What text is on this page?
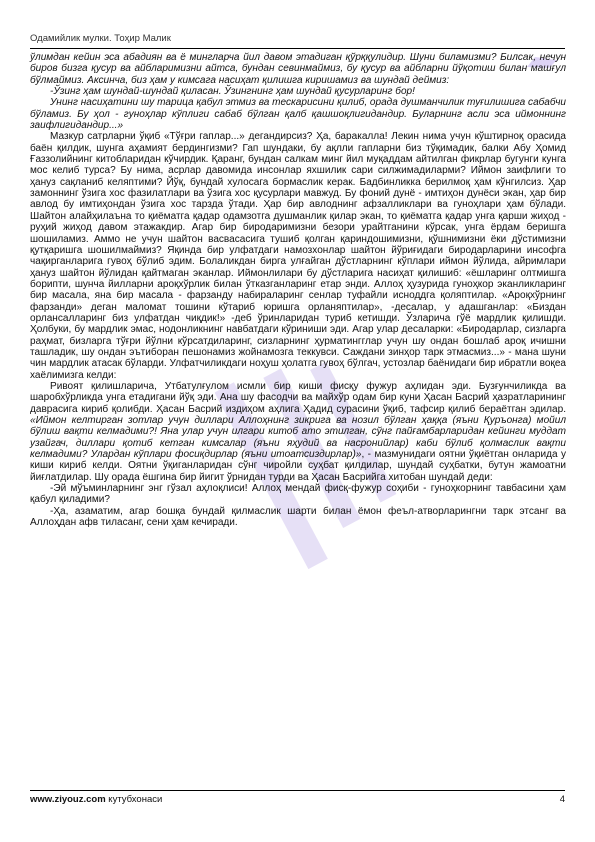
Одамийлик мулки. Тоҳир Малик

ўлимдан кейин эса абадиян ва ё мингларча йил давом этадиган қўрққулидир. Шуни биламизми? Билсак, нечун биров бизга қусур ва айбларимизни айтса, бундан севинмаймиз, бу қусур ва айбларни йўқотиш билан машғул бўлмаймиз. Аксинча, биз ҳам у кимсага насиҳат қилишга киришамиз ва шундай деймиз:

-Ўзинг ҳам шундай-шундай қиласан. Ўзингнинг ҳам шундай қусурларинг бор!

Унинг насиҳатини шу тарица қабул этмиз ва тескарисини қилиб, орада душманчилик туғилишига сабабчи бўламиз. Бу ҳол - гуноҳлар кўплиги сабаб бўлган қалб қашшоқлигидандир. Буларнинг асли эса иймоннинг заифлигидандир...»

Мазкур сатрларни ўқиб «Тўғри гаплар...» дегандирсиз? Ҳа, баракалла! Лекин нима учун кўштирноқ орасида баён қилдик, шунга аҳамият бердингизми? Гап шундаки, бу ақлли гапларни биз тўқимадик, балки Абу Ҳомид Ғаззолийнинг китобларидан кўчирдик. Қаранг, бундан салкам минг йил муқаддам айтилган фикрлар бугунги кунга мос келиб турса? Бу нима, асрлар давомида инсонлар яхшилик сари силжимадиларми? Иймон заифлиги то ҳануз сақланиб келяптими? Йўқ, бундай хулосага бормаслик керак. Бадбинликка берилмоқ ҳам кўнгилсиз. Ҳар замоннинг ўзига хос фазилатлари ва ўзига хос қусурлари мавжуд. Бу фоний дунё - имтиҳон дунёси экан, ҳар бир авлод бу имтиҳондан ўзига хос тарзда ўтади. Ҳар бир авлоднинг афзалликлари ва гуноҳлари ҳам бўлади. Шайтон алайҳилаъна то қиёматга қадар одамзотга душманлик қилар экан, то қиёматга қадар унга қарши жиҳод - руҳий жиҳод давом этажакдир. Агар бир биродаримизни безори урайтганини кўрсак, унга ёрдам беришга шошиламиз. Аммо не учун шайтон васвасасига тушиб қолган қариндошимизни, қўшнимизни ёки дўстимизни қутқаришга шошилмаймиз? Яқинда бир улфатдаги намозхонлар шайтон йўриғидаги биродарларини инсофга чақирганларига гувоҳ бўлиб эдим. Болаликдан бирга улғайган дўстларнинг кўплари иймон йўлида, айримлари ҳануз шайтон йўлидан қайтмаган эканлар. Иймонлилари бу дўстларига насиҳат қилишиб: «ёшларинг олтмишга борипти, шунча йилларни ароқхўрлик билан ўтказганларинг етар энди. Аллоҳ ҳузурида гуноҳкор эканликларинг бир масала, яна бир масала - фарзанду набираларинг сенлар туфайли исноддга қоляптилар. «Ароқхўрнинг фарзанди» деган маломат тошини кўтариб юришга орланяптилар», -десалар, у адашганлар: «Биздан орлансалларинг биз улфатдан чиқдик!» -деб ўринларидан туриб кетишди. Ўзларича гўё мардлик қилишди. Ҳолбуки, бу мардлик эмас, нодонликнинг навбатдаги кўриниши эди. Агар улар десаларки: «Биродарлар, сизларга раҳмат, бизларга тўғри йўлни кўрсатдиларинг, сизларнинг ҳурматингглар учун шу ондан бошлаб ароқ ичишни ташладик, шу ондан эътиборан пешонамиз жойнамозга теккувси. Саждани зинҳор тарк этмасмиз...» - мана шуни чин мардлик атасак бўларди. Улфатчиликдаги ноҳуш ҳолатга гувоҳ бўлгач, устозлар баёнидаги бир ибратли воқеа хаёлимизга келди:

Ривоят қилишларича, Утбатулғулом исмли бир киши фисқу фужур аҳлидан эди. Бузғунчиликда ва шаробхўрликда унга етадигани йўқ эди. Ана шу фасодчи ва майхўр одам бир куни Ҳасан Басрий ҳазратларининг даврасига кириб қолибди. Ҳасан Басрий издиҳом аҳлига Ҳадид сурасини ўқиб, тафсир қилиб бераётган эдилар. «Иймон келтирган зотлар учун диллари Аллоҳнинг зикрига ва нозил бўлган ҳаққа (яъни Қуръонга) мойил бўлиш вақти келмадими?! Яна улар учун илгари китоб ато этилган, сўнг пайғамбарларидан кейинги муддат узайгач, диллари қотиб кетган кимсалар (яъни яҳудий ва насронийлар) каби бўлиб қолмаслик вақти келмадими? Улардан кўплари фосиқдирлар (яъни итоатсиздирлар)», - мазмунидаги оятни ўқиётган онларида у киши кириб келди. Оятни ўқиганларидан сўнг чиройли суҳбат қилдилар, шундай суҳбатки, бутун жамоатни йиғлатдилар. Шу орада ёшгина бир йигит ўрнидан турди ва Ҳасан Басрийга хитобан шундай деди:

-Эй мўъминларнинг энг гўзал аҳлоқлиси! Аллоҳ мендай фисқ-фужур соҳиби - гуноҳкорнинг тавбасини ҳам қабул қиладими?

-Ҳа, азаматим, агар бошқа бундай қилмаслик шарти билан ёмон феъл-атворларингни тарк этсанг ва Аллоҳдан афв тиласанг, сени ҳам кечиради.

www.ziyouz.com кутубхонаси	4
